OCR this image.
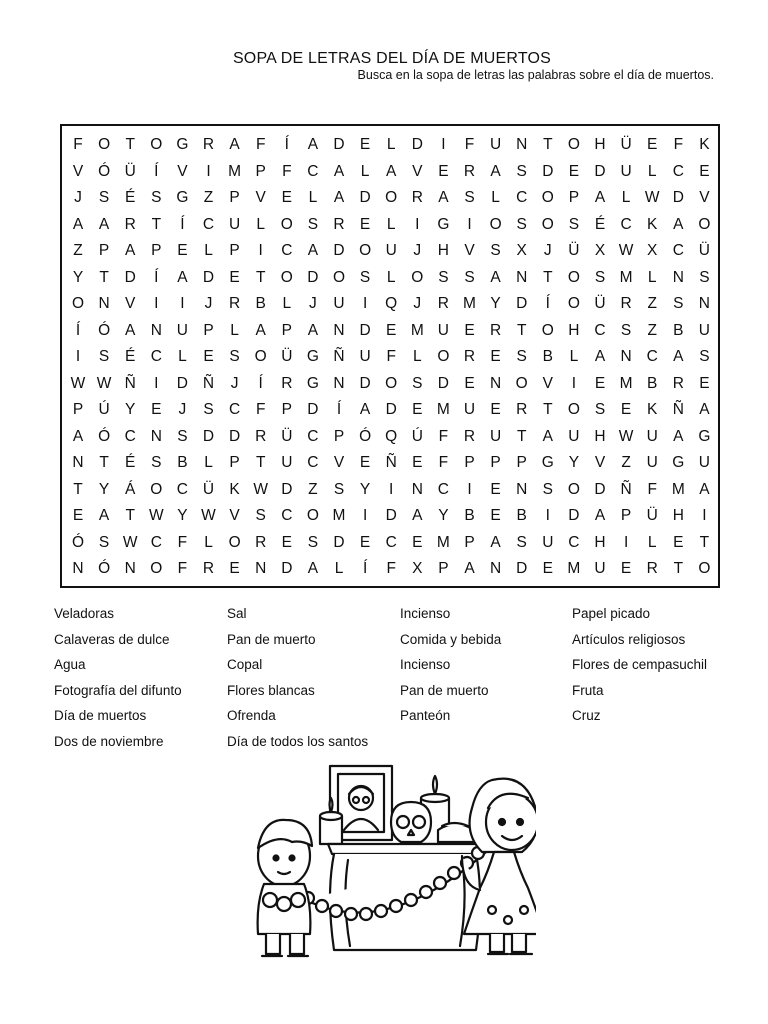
SOPA DE LETRAS DEL DÍA DE MUERTOS
Busca en la sopa de letras las palabras sobre el día de muertos.
F O T O G R A	F	Í	A D E	L	D	I	F	U N	T O H Ü E	F	K
V Ó Ü	Í	V	I	M P	F	C A	L	A	V	E R A	S D E D U	L	C E
J	S	É	S G Z	P	V	E	L	A D O R A	S	L	C O P	A	L W D V
A	A R	T	Í	C U	L	O S R E	L	I	G	I	O S O S	É C K	A O
Z	P	A	P	E	L	P	I	C A D O U	J	H V	S	X	J	Ü X W X C Ü
Y	T	D	Í	A D E	T O D O S	L	O S	S	A N	T O S M L	N S
O N V	I	I	J	R B	L	J	U	I	Q	J	R M Y D	Í	O Ü R	Z	S N
Í	Ó A N U P	L	A	P	A N D E M U E R	T O H C S	Z	B U
I	S	É C	L	E	S O Ü G Ñ U	F	L	O R E	S	B	L	A N C A	S
W W Ñ	I	D Ñ	J	Í	R G N D O S D E N O V	I	E M B R E
P Ú Y	E	J	S C	F	P D	Í	A D E M U E R	T O S	E	K Ñ A
A Ó C N S D D R Ü C P Ó Q Ú	F	R U	T	A U H W U A G
N	T	É	S	B	L	P	T	U C V	E Ñ E	F	P	P	P G Y	V	Z	U G U
T	Y	Á O C Ü K W D	Z	S	Y	I	N C	I	E N S O D Ñ	F M A
E	A	T W Y W V	S C O M	I	D A	Y	B	E	B	I	D A	P Ü H	I
Ó S W C	F	L	O R E	S D E C E M P	A	S U C H	I	L	E	T
N Ó N O F	R E N D A	L	Í	F	X	P	A N D E M U E R	T O
Veladoras
Calaveras de dulce
Agua
Fotografía del difunto
Día de muertos
Dos de noviembre
Sal
Pan de muerto
Copal
Flores blancas
Ofrenda
Día de todos los santos
Incienso
Comida y bebida
Incienso
Pan de muerto
Panteón
Papel picado
Artículos religiosos
Flores de cempasuchil
Fruta
Cruz
